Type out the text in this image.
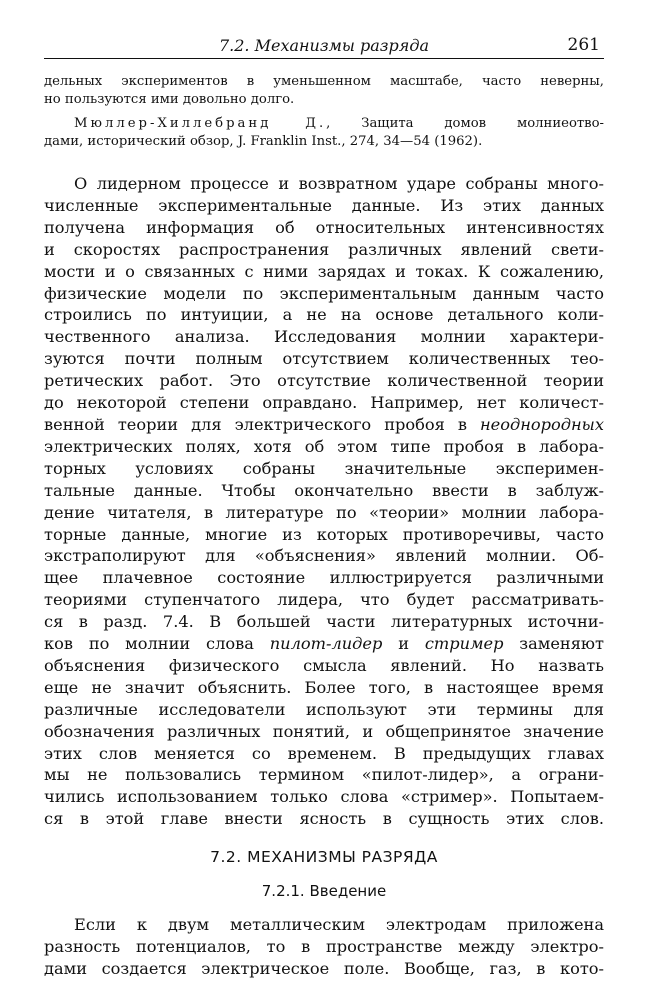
7.2. Механизмы разряда	261
дельных экспериментов в уменьшенном масштабе, часто неверны,
но пользуются ими довольно долго.
Мюллер-Хиллебранд Д., Защита домов молниеотво-
дами, исторический обзор, J. Franklin Inst., 274, 34—54 (1962).
О лидерном процессе и возвратном ударе собраны много-
численные экспериментальные данные. Из этих данных
получена информация об относительных интенсивностях
и скоростях распространения различных явлений свети-
мости и о связанных с ними зарядах и токах. К сожалению,
физические модели по экспериментальным данным часто
строились по интуиции, а не на основе детального коли-
чественного анализа. Исследования молнии характери-
зуются почти полным отсутствием количественных тео-
ретических работ. Это отсутствие количественной теории
до некоторой степени оправдано. Например, нет количест-
венной теории для электрического пробоя в неоднородных
электрических полях, хотя об этом типе пробоя в лабора-
торных условиях собраны значительные эксперимен-
тальные данные. Чтобы окончательно ввести в заблуж-
дение читателя, в литературе по «теории» молнии лабора-
торные данные, многие из которых противоречивы, часто
экстраполируют для «объяснения» явлений молнии. Об-
щее плачевное состояние иллюстрируется различными
теориями ступенчатого лидера, что будет рассматривать-
ся в разд. 7.4. В большей части литературных источни-
ков по молнии слова пилот-лидер и стример заменяют
объяснения физического смысла явлений. Но назвать
еще не значит объяснить. Более того, в настоящее время
различные исследователи используют эти термины для
обозначения различных понятий, и общепринятое значение
этих слов меняется со временем. В предыдущих главах
мы не пользовались термином «пилот-лидер», а ограни-
чились использованием только слова «стример». Попытаем-
ся в этой главе внести ясность в сущность этих слов.
7.2. МЕХАНИЗМЫ РАЗРЯДА
7.2.1. Введение
Если к двум металлическим электродам приложена
разность потенциалов, то в пространстве между электро-
дами создается электрическое поле. Вообще, газ, в кото-
